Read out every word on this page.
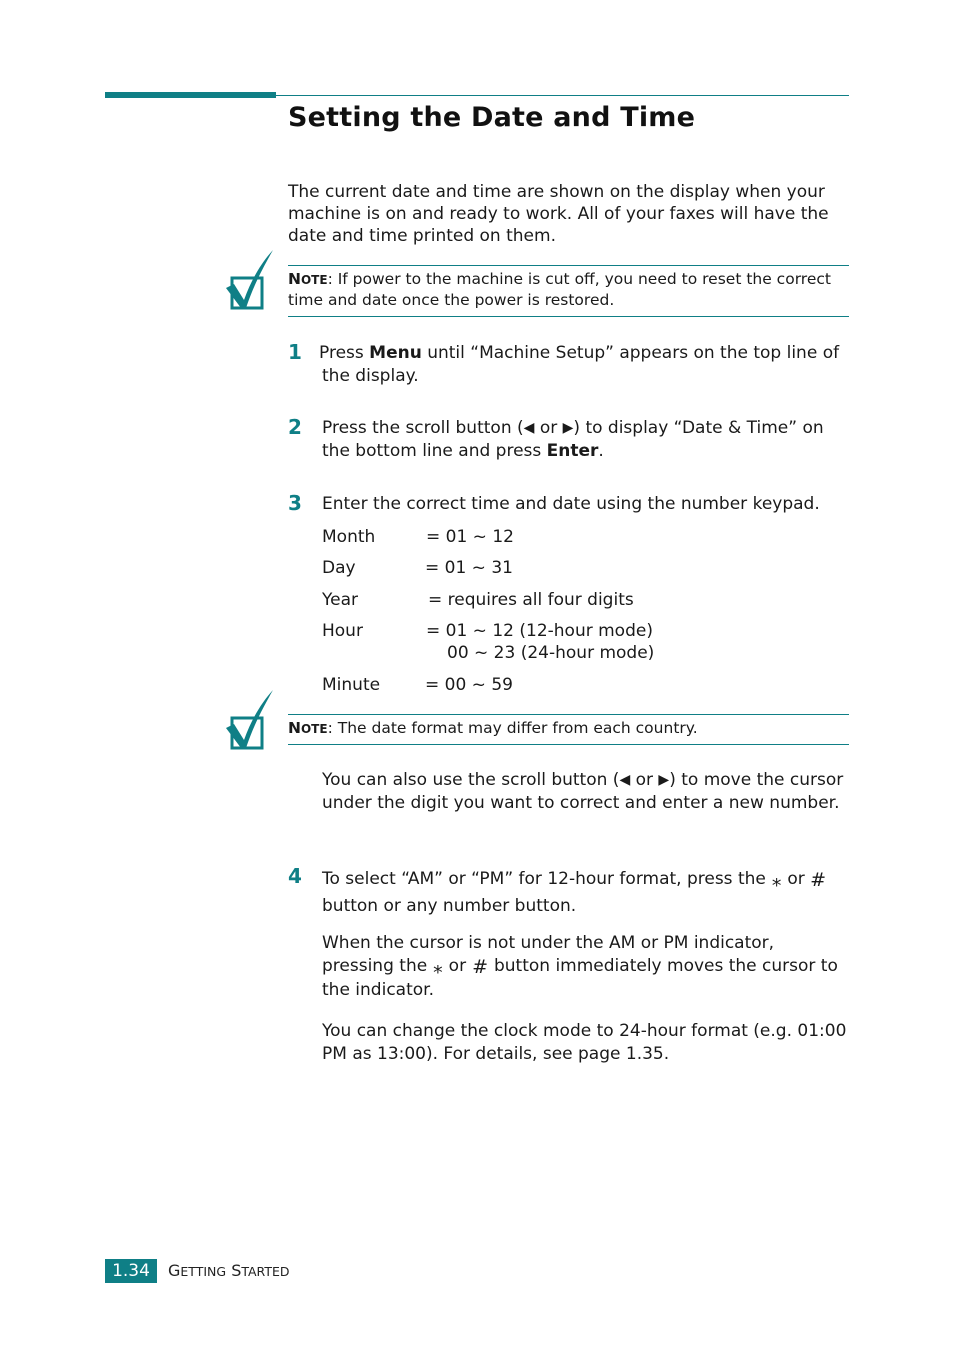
Setting the Date and Time

The current date and time are shown on the display when your machine is on and ready to work. All of your faxes will have the date and time printed on them.

NOTE: If power to the machine is cut off, you need to reset the correct time and date once the power is restored.
1 Press Menu until “Machine Setup” appears on the top line of the display.

2 Press the scroll button (◀ or ▶) to display “Date & Time” on the bottom line and press Enter.

3 Enter the correct time and date using the number keypad.

Month	= 01 ~ 12
Day	= 01 ~ 31
Year	= requires all four digits
Hour	= 01 ~ 12 (12-hour mode)
00 ~ 23 (24-hour mode)
Minute	= 00 ~ 59
NOTE: The date format may differ from each country.

You can also use the scroll button (◀ or ▶) to move the cursor under the digit you want to correct and enter a new number.

4 To select “AM” or “PM” for 12-hour format, press the ⁎ or #button or any number button.

When the cursor is not under the AM or PM indicator, pressing the ⁎ or # button immediately moves the cursor to the indicator.

You can change the clock mode to 24-hour format (e.g. 01:00 PM as 13:00). For details, see page 1.35.

1.34	GETTING STARTED
